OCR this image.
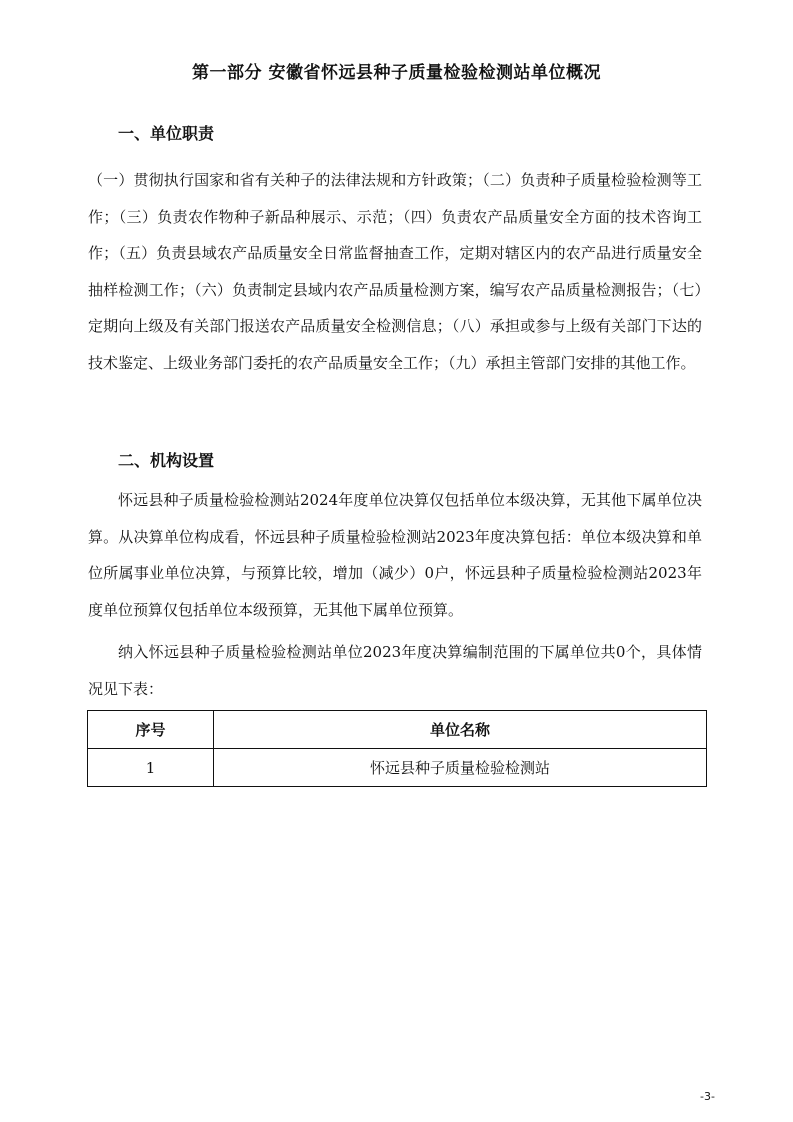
第一部分 安徽省怀远县种子质量检验检测站单位概况
一、单位职责

（一）贯彻执行国家和省有关种子的法律法规和方针政策；（二）负责种子质量检验检测等工作；（三）负责农作物种子新品种展示、示范；（四）负责农产品质量安全方面的技术咨询工作；（五）负责县域农产品质量安全日常监督抽查工作，定期对辖区内的农产品进行质量安全抽样检测工作；（六）负责制定县域内农产品质量检测方案，编写农产品质量检测报告；（七）定期向上级及有关部门报送农产品质量安全检测信息；（八）承担或参与上级有关部门下达的技术鉴定、上级业务部门委托的农产品质量安全工作；（九）承担主管部门安排的其他工作。

二、机构设置

怀远县种子质量检验检测站2024年度单位决算仅包括单位本级决算，无其他下属单位决算。从决算单位构成看，怀远县种子质量检验检测站2023年度决算包括：单位本级决算和单位所属事业单位决算，与预算比较，增加（减少）0户，怀远县种子质量检验检测站2023年度单位预算仅包括单位本级预算，无其他下属单位预算。

纳入怀远县种子质量检验检测站单位2023年度决算编制范围的下属单位共0个，具体情况见下表：

序号	单位名称
1	怀远县种子质量检验检测站
-3-
